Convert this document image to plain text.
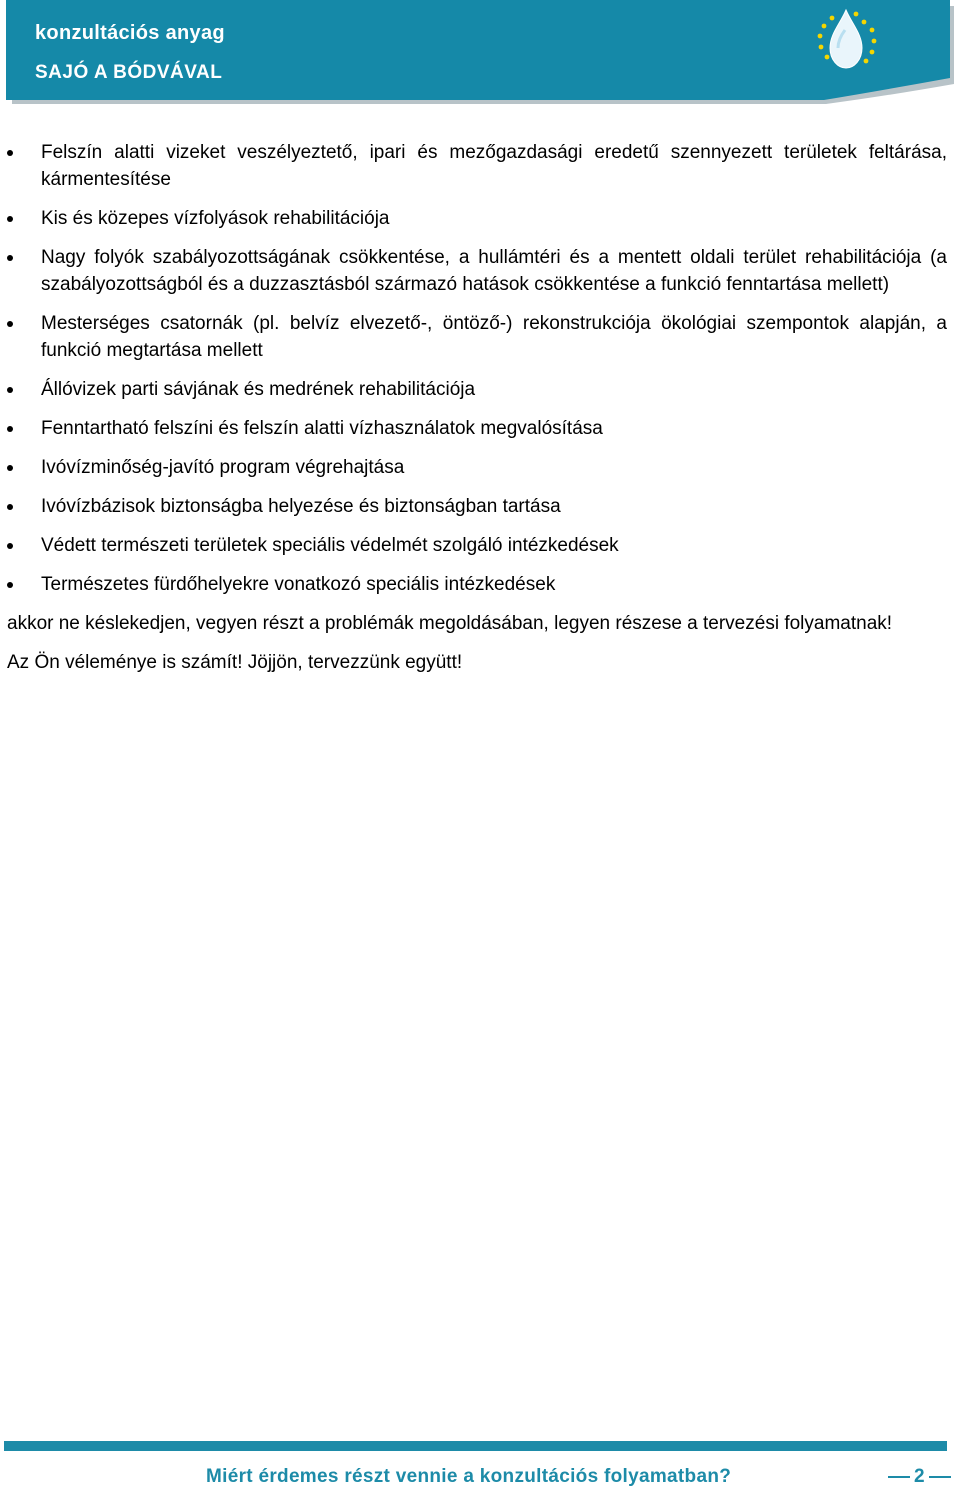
konzultációs anyag
SAJÓ A BÓDVÁVAL
Felszín alatti vizeket veszélyeztető, ipari és mezőgazdasági eredetű szennyezett területek feltárása, kármentesítése
Kis és közepes vízfolyások rehabilitációja
Nagy folyók szabályozottságának csökkentése, a hullámtéri és a mentett oldali terület rehabilitációja (a szabályozottságból és a duzzasztásból származó hatások csökkentése a funkció fenntartása mellett)
Mesterséges csatornák (pl. belvíz elvezető-, öntöző-) rekonstrukciója ökológiai szempontok alapján, a funkció megtartása mellett
Állóvizek parti sávjának és medrének rehabilitációja
Fenntartható felszíni és felszín alatti vízhasználatok megvalósítása
Ivóvízminőség-javító program végrehajtása
Ivóvízbázisok biztonságba helyezése és biztonságban tartása
Védett természeti területek speciális védelmét szolgáló intézkedések
Természetes fürdőhelyekre vonatkozó speciális intézkedések

akkor ne késlekedjen, vegyen részt a problémák megoldásában, legyen részese a tervezési folyamatnak!

Az Ön véleménye is számít! Jöjjön, tervezzünk együtt!

Miért érdemes részt vennie a konzultációs folyamatban?	2
